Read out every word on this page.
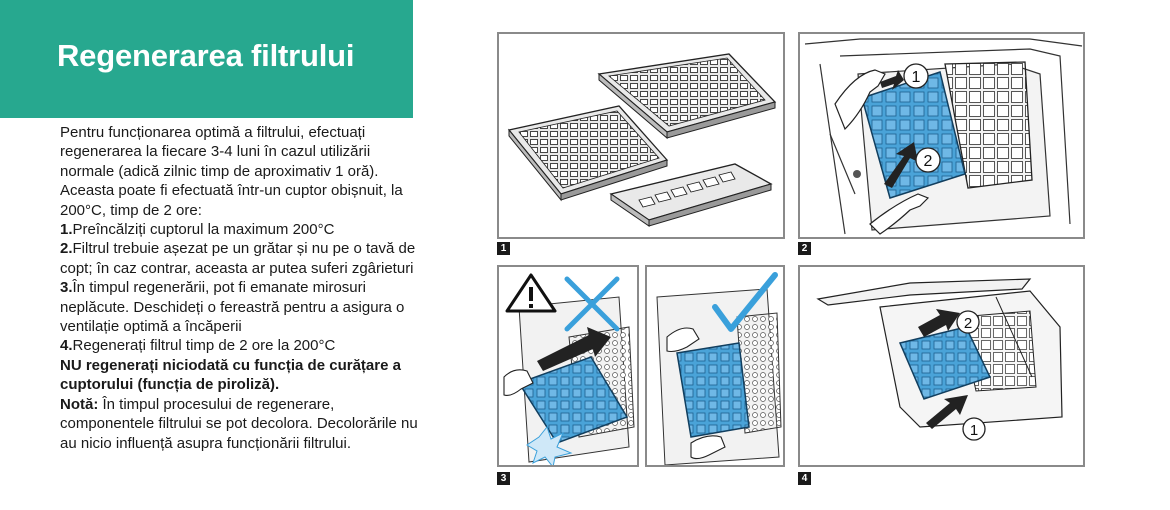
Regenerarea filtrului

Pentru funcționarea optimă a filtrului, efectuați regenerarea la fiecare 3-4 luni în cazul utilizării normale (adică zilnic timp de aproximativ 1 oră). Aceasta poate fi efectuată într-un cuptor obișnuit, la 200°C, timp de 2 ore:

1.Preîncălziți cuptorul la maximum 200°C

2.Filtrul trebuie așezat pe un grătar și nu pe o tavă de copt; în caz contrar, aceasta ar putea suferi zgârieturi

3.În timpul regenerării, pot fi emanate mirosuri neplăcute. Deschideți o fereastră pentru a asigura o ventilație optimă a încăperii

4.Regenerați filtrul timp de 2 ore la 200°C

NU regenerați niciodată cu funcția de curățare a cuptorului (funcția de piroliză).

Notă: În timpul procesului de regenerare, componentele filtrului se pot decolora. Decolorările nu au nicio influență asupra funcționării filtrului.

1
1
2
2
3
2
1
4
